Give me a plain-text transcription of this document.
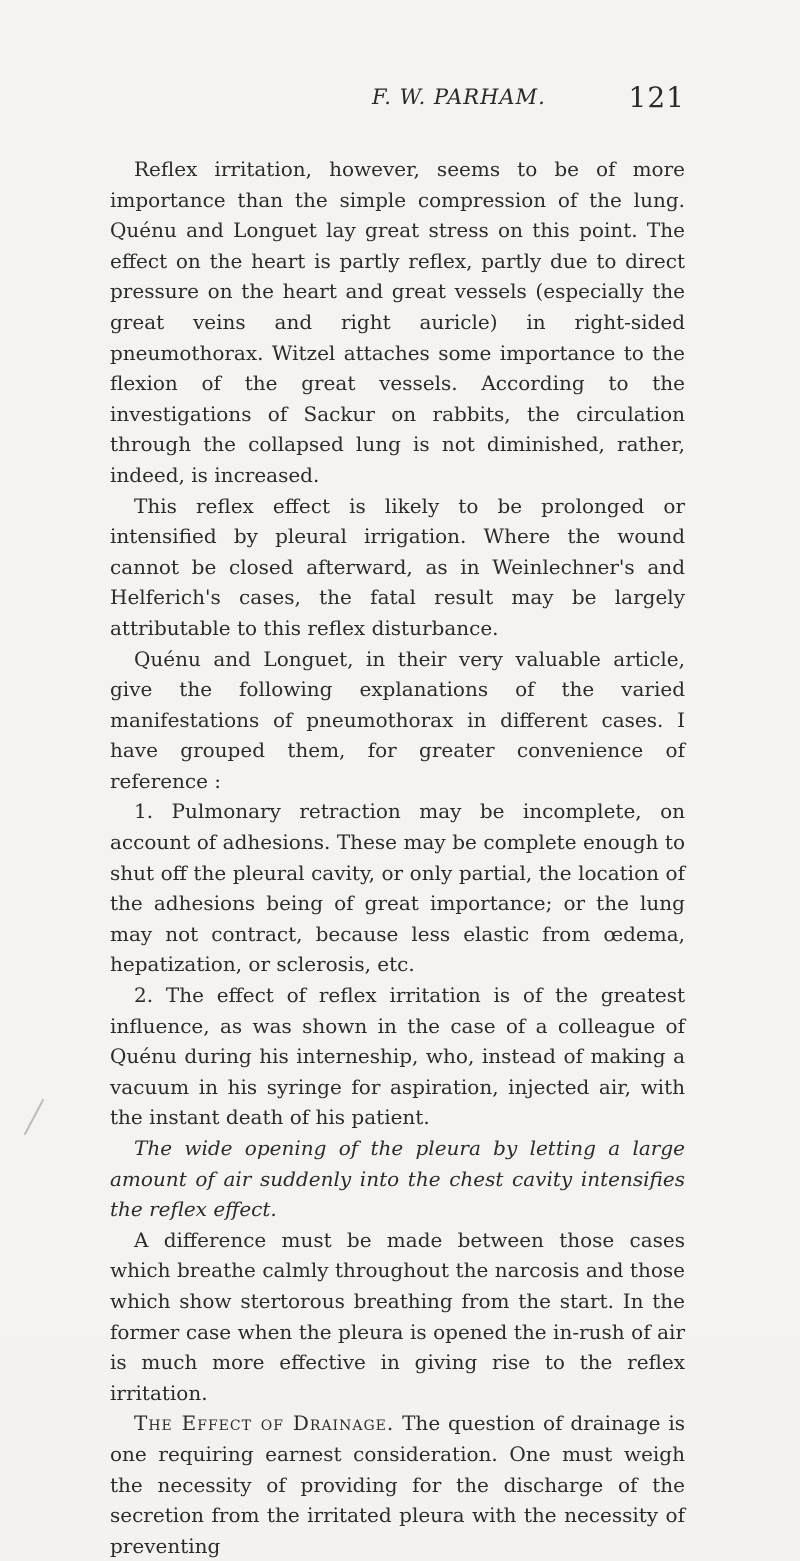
F. W. PARHAM.	121

Reflex irritation, however, seems to be of more importance than the simple compression of the lung. Quénu and Longuet lay great stress on this point. The effect on the heart is partly reflex, partly due to direct pressure on the heart and great vessels (especially the great veins and right auricle) in right-sided pneumothorax. Witzel attaches some importance to the flexion of the great vessels. According to the investigations of Sackur on rabbits, the circulation through the collapsed lung is not diminished, rather, indeed, is increased.

This reflex effect is likely to be prolonged or intensified by pleural irrigation. Where the wound cannot be closed afterward, as in Weinlechner's and Helferich's cases, the fatal result may be largely attributable to this reflex disturbance.

Quénu and Longuet, in their very valuable article, give the following explanations of the varied manifestations of pneumothorax in different cases. I have grouped them, for greater convenience of reference :

1. Pulmonary retraction may be incomplete, on account of adhesions. These may be complete enough to shut off the pleural cavity, or only partial, the location of the adhesions being of great importance; or the lung may not contract, because less elastic from œdema, hepatization, or sclerosis, etc.

2. The effect of reflex irritation is of the greatest influence, as was shown in the case of a colleague of Quénu during his interneship, who, instead of making a vacuum in his syringe for aspiration, injected air, with the instant death of his patient.

The wide opening of the pleura by letting a large amount of air suddenly into the chest cavity intensifies the reflex effect.

A difference must be made between those cases which breathe calmly throughout the narcosis and those which show stertorous breathing from the start. In the former case when the pleura is opened the in-rush of air is much more effective in giving rise to the reflex irritation.

The Effect of Drainage. The question of drainage is one requiring earnest consideration. One must weigh the necessity of providing for the discharge of the secretion from the irritated pleura with the necessity of preventing
